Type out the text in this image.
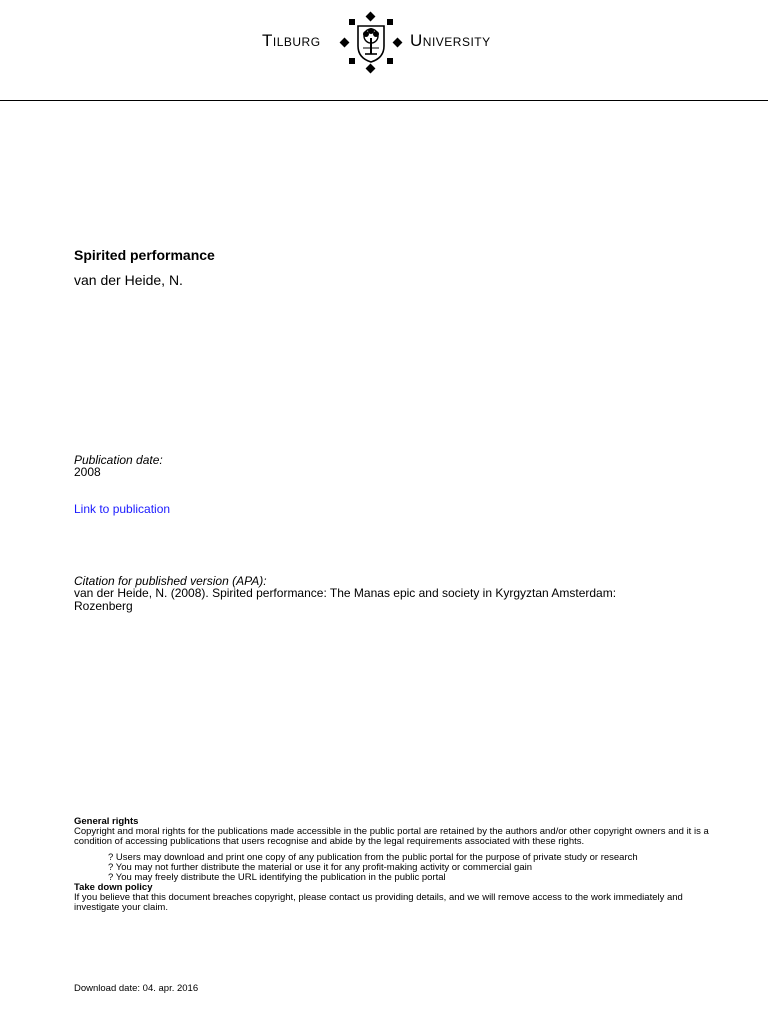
Tilburg	University
Spirited performance
van der Heide, N.
Publication date:
2008
Link to publication
Citation for published version (APA):
van der Heide, N. (2008). Spirited performance: The Manas epic and society in Kyrgyztan Amsterdam: Rozenberg
General rights
Copyright and moral rights for the publications made accessible in the public portal are retained by the authors and/or other copyright owners and it is a condition of accessing publications that users recognise and abide by the legal requirements associated with these rights.
? Users may download and print one copy of any publication from the public portal for the purpose of private study or research
? You may not further distribute the material or use it for any profit-making activity or commercial gain
? You may freely distribute the URL identifying the publication in the public portal
Take down policy
If you believe that this document breaches copyright, please contact us providing details, and we will remove access to the work immediately and investigate your claim.
Download date: 04. apr. 2016
